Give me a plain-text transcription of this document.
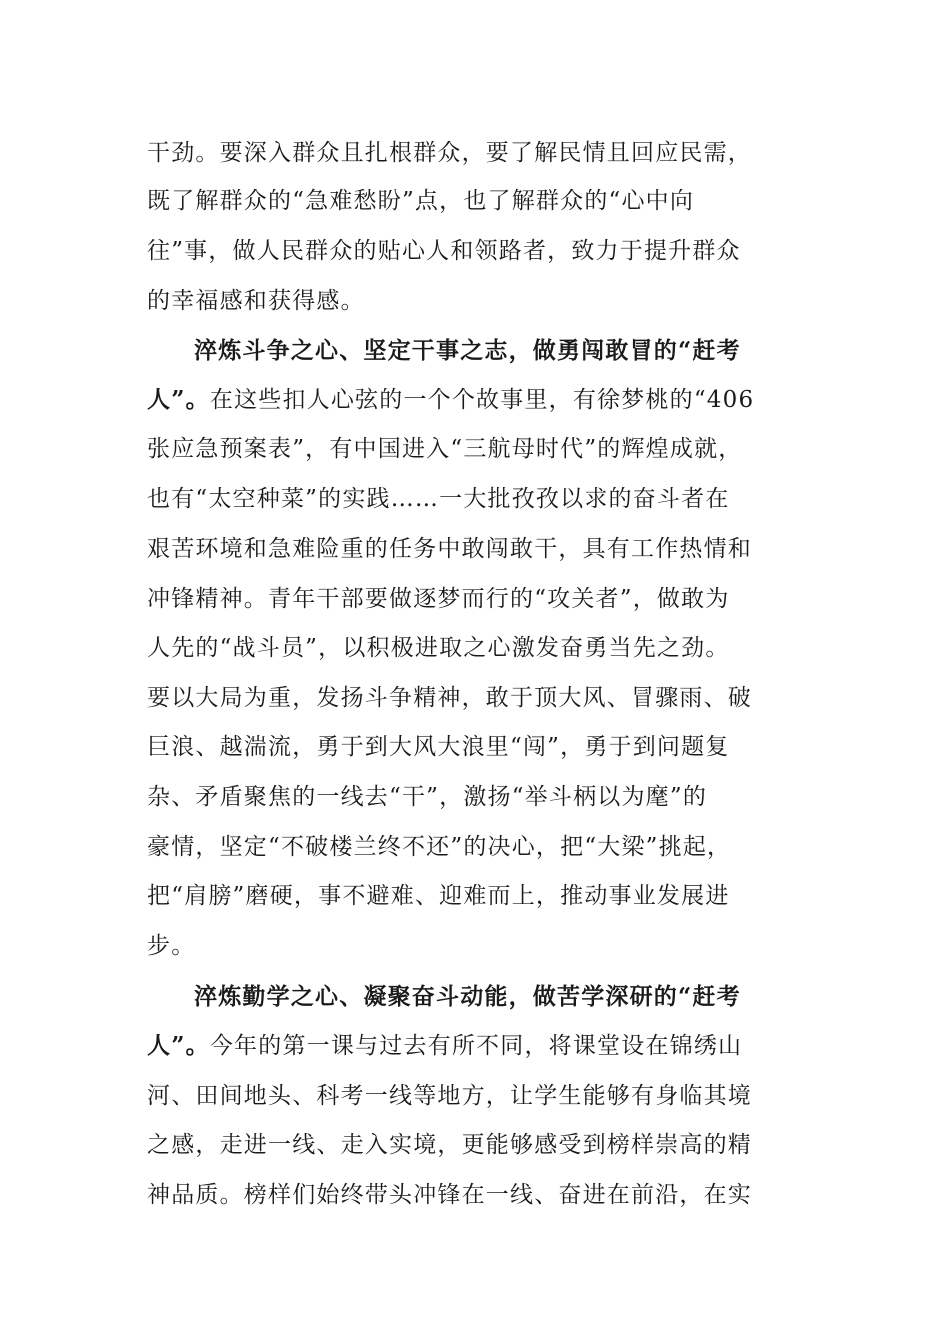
干劲。要深入群众且扎根群众，要了解民情且回应民需，
既了解群众的“急难愁盼”点，也了解群众的“心中向
往”事，做人民群众的贴心人和领路者，致力于提升群众
的幸福感和获得感。
淬炼斗争之心、坚定干事之志，做勇闯敢冒的“赶考
人”。在这些扣人心弦的一个个故事里，有徐梦桃的“406
张应急预案表”，有中国进入“三航母时代”的辉煌成就，
也有“太空种菜”的实践……一大批孜孜以求的奋斗者在
艰苦环境和急难险重的任务中敢闯敢干，具有工作热情和
冲锋精神。青年干部要做逐梦而行的“攻关者”，做敢为
人先的“战斗员”，以积极进取之心激发奋勇当先之劲。
要以大局为重，发扬斗争精神，敢于顶大风、冒骤雨、破
巨浪、越湍流，勇于到大风大浪里“闯”，勇于到问题复
杂、矛盾聚焦的一线去“干”，激扬“举斗柄以为麾”的
豪情，坚定“不破楼兰终不还”的决心，把“大梁”挑起，
把“肩膀”磨硬，事不避难、迎难而上，推动事业发展进
步。
淬炼勤学之心、凝聚奋斗动能，做苦学深研的“赶考
人”。今年的第一课与过去有所不同，将课堂设在锦绣山
河、田间地头、科考一线等地方，让学生能够有身临其境
之感，走进一线、走入实境，更能够感受到榜样崇高的精
神品质。榜样们始终带头冲锋在一线、奋进在前沿，在实
